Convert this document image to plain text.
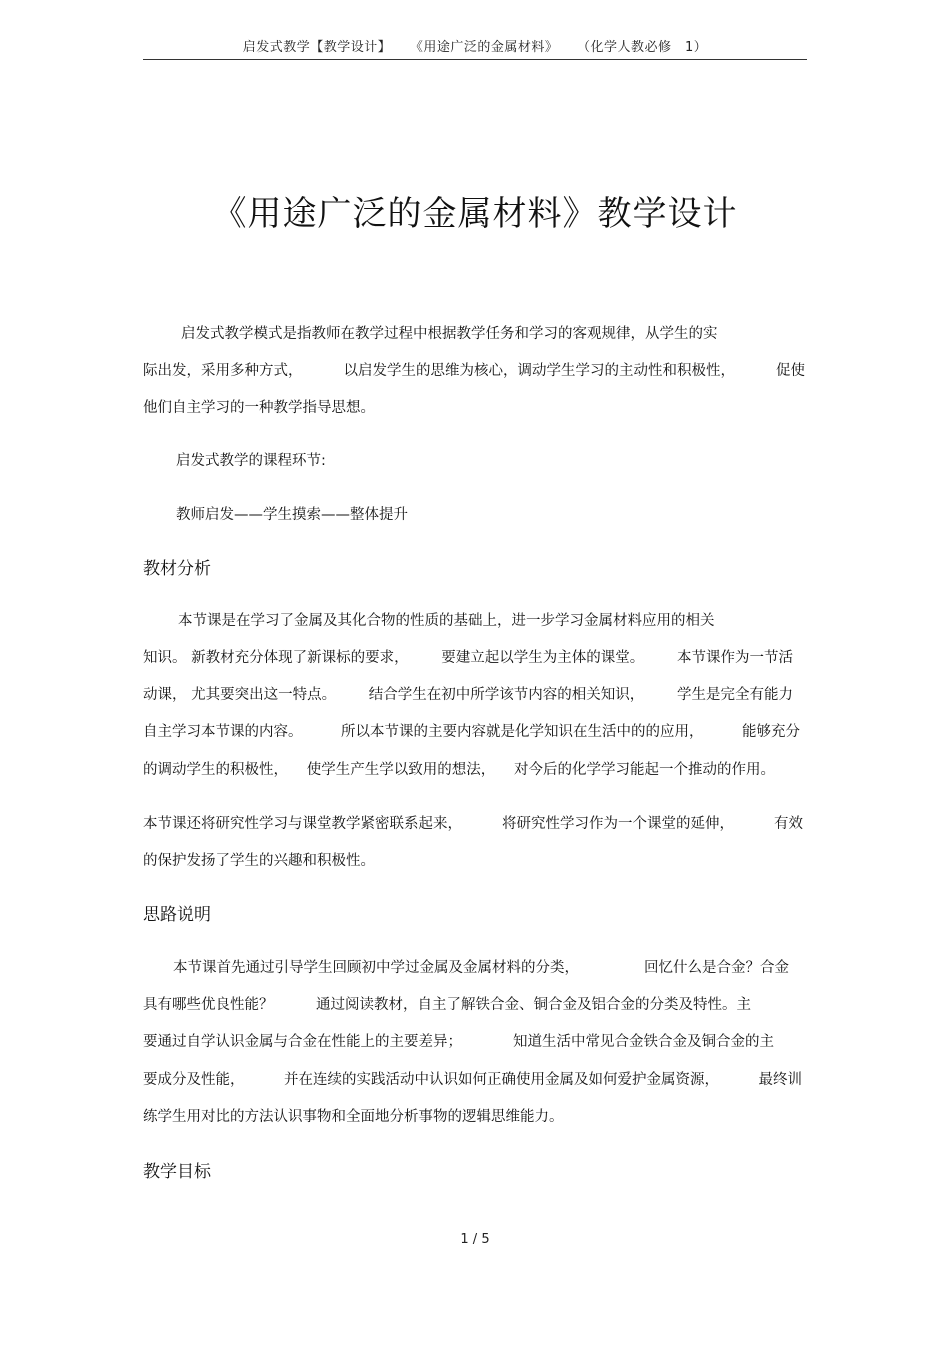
启发式教学【教学设计】 《用途广泛的金属材料》 （化学人教必修　1）
《用途广泛的金属材料》教学设计
启发式教学模式是指教师在教学过程中根据教学任务和学习的客观规律，从学生的实
际出发，采用多种方式，	以启发学生的思维为核心，调动学生学习的主动性和积极性，	促使
他们自主学习的一种教学指导思想。
启发式教学的课程环节:
教师启发——学生摸索——整体提升
教材分析
本节课是在学习了金属及其化合物的性质的基础上，进一步学习金属材料应用的相关
知识。 新教材充分体现了新课标的要求， 要建立起以学生为主体的课堂。 本节课作为一节活
动课， 尤其要突出这一特点。 结合学生在初中所学该节内容的相关知识， 学生是完全有能力
自主学习本节课的内容。	所以本节课的主要内容就是化学知识在生活中的的应用，	能够充分
的调动学生的积极性， 使学生产生学以致用的想法， 对今后的化学学习能起一个推动的作用。
本节课还将研究性学习与课堂教学紧密联系起来，	将研究性学习作为一个课堂的延伸，	有效
的保护发扬了学生的兴趣和积极性。
思路说明
本节课首先通过引导学生回顾初中学过金属及金属材料的分类，	回忆什么是合金？合金
具有哪些优良性能？	通过阅读教材，自主了解铁合金、铜合金及铝合金的分类及特性。主
要通过自学认识金属与合金在性能上的主要差异；	知道生活中常见合金铁合金及铜合金的主
要成分及性能，	并在连续的实践活动中认识如何正确使用金属及如何爱护金属资源，	最终训
练学生用对比的方法认识事物和全面地分析事物的逻辑思维能力。
教学目标
1 / 5
